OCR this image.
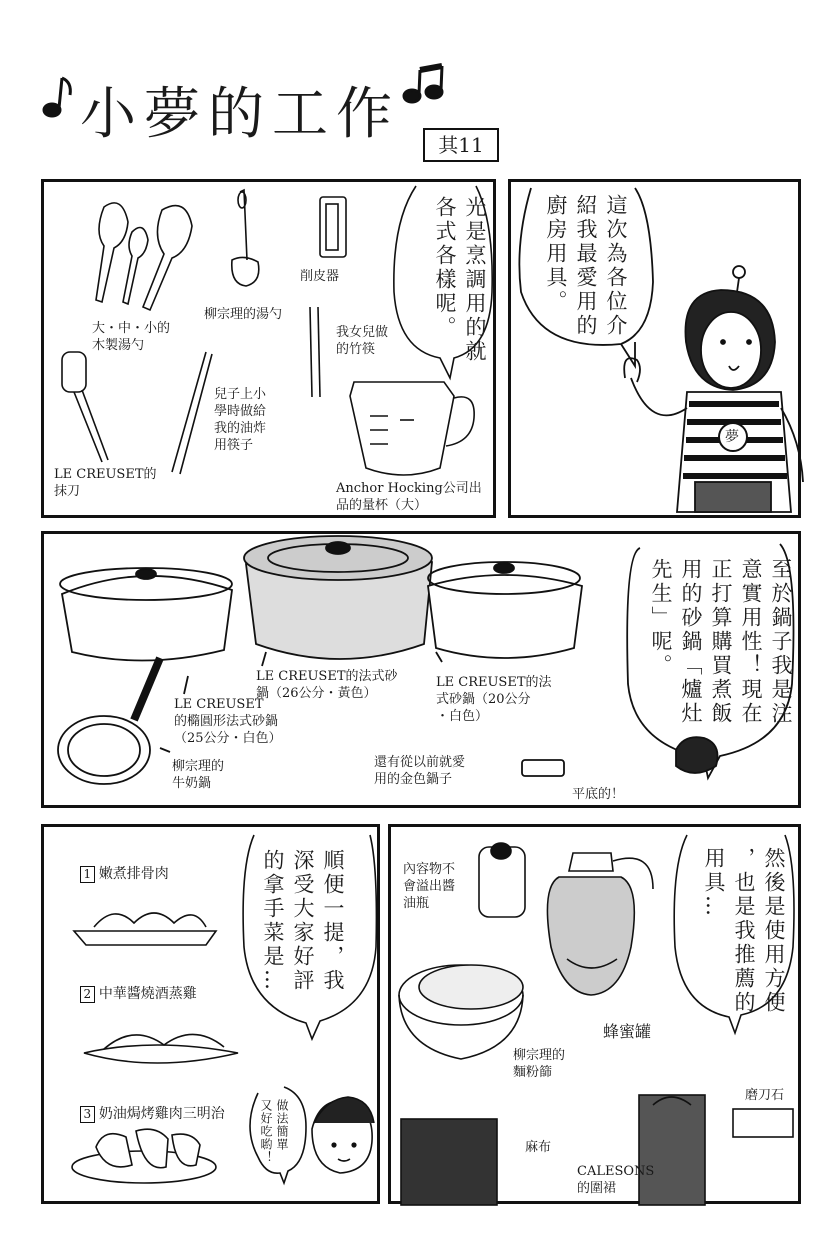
小夢的工作	其11
光是烹調用的就
各式各樣呢。
大・中・小的
木製湯勺
柳宗理的湯勺
削皮器
我女兒做
的竹筷
LE CREUSET的
抹刀
兒子上小
學時做給
我的油炸
用筷子
Anchor Hocking公司出
品的量杯（大）
這次為各位介
紹我最愛用的
廚房用具。
夢
至於鍋子我是注
意實用性！現在
正打算購買煮飯
用的砂鍋「爐灶
先生」呢。
LE CREUSET
的橢圓形法式砂鍋
（25公分・白色）
LE CREUSET的法式砂
鍋（26公分・黃色）
LE CREUSET的法
式砂鍋（20公分
・白色）
柳宗理的
牛奶鍋
還有從以前就愛
用的金色鍋子
平底的！
順便一提，我
深受大家好評
的拿手菜是…

1 嫩煮排骨肉

2 中華醬燒酒蒸雞

3 奶油焗烤雞肉三明治
	做法簡單
又好吃喲！
然後是使用方便
，也是我推薦的
用具…
內容物不
會溢出醬
油瓶
蜂蜜罐
柳宗理的
麵粉篩
麻布
CALESONS
的圍裙
磨刀石
